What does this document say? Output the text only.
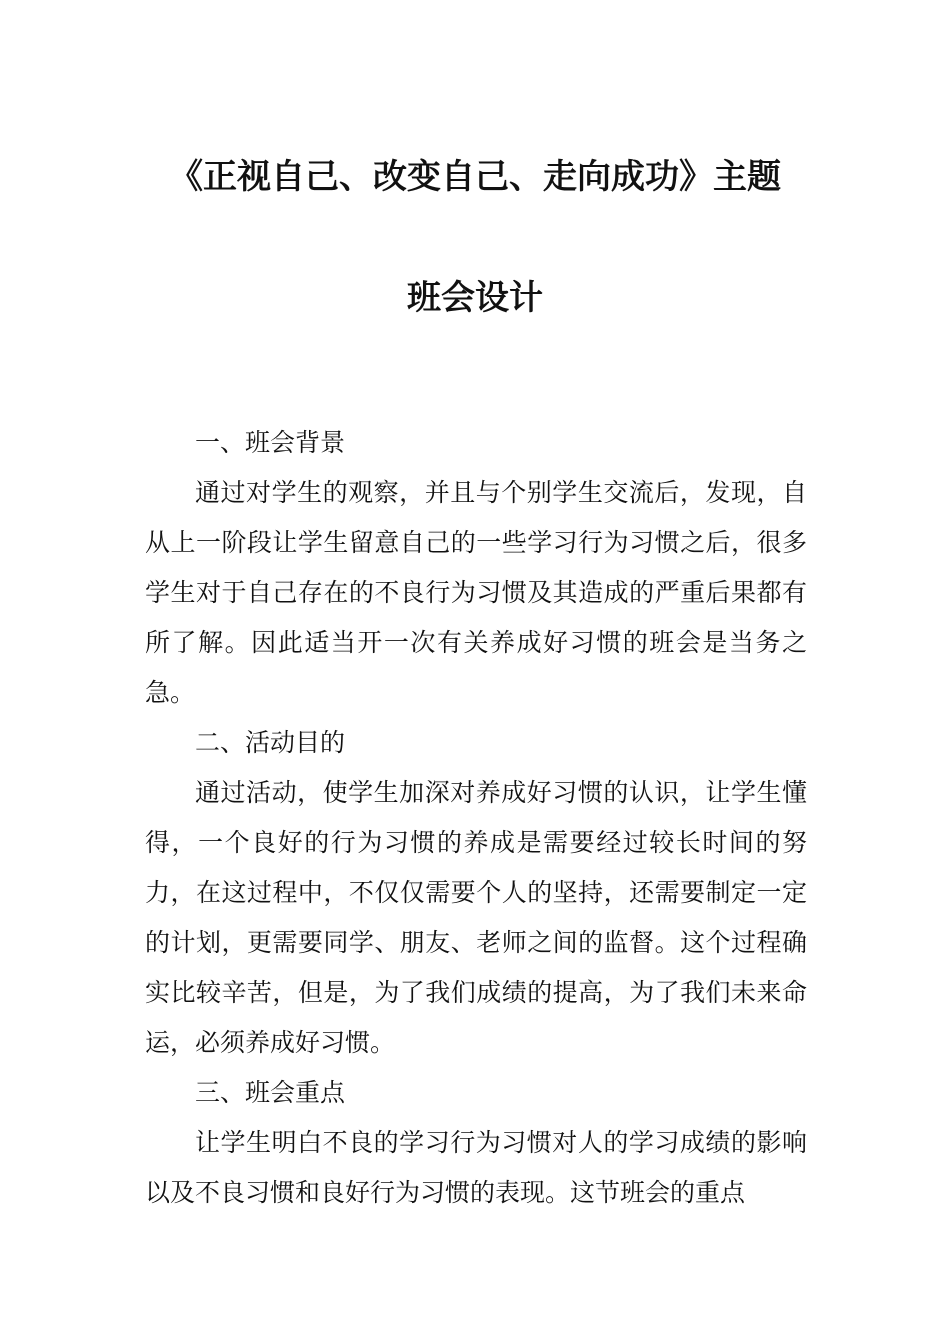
《正视自己、改变自己、走向成功》主题
班会设计

一、班会背景

通过对学生的观察，并且与个别学生交流后，发现，自从上一阶段让学生留意自己的一些学习行为习惯之后，很多学生对于自己存在的不良行为习惯及其造成的严重后果都有所了解。因此适当开一次有关养成好习惯的班会是当务之急。

二、活动目的

通过活动，使学生加深对养成好习惯的认识，让学生懂得，一个良好的行为习惯的养成是需要经过较长时间的努力，在这过程中，不仅仅需要个人的坚持，还需要制定一定的计划，更需要同学、朋友、老师之间的监督。这个过程确实比较辛苦，但是，为了我们成绩的提高，为了我们未来命运，必须养成好习惯。

三、班会重点

让学生明白不良的学习行为习惯对人的学习成绩的影响以及不良习惯和良好行为习惯的表现。这节班会的重点
